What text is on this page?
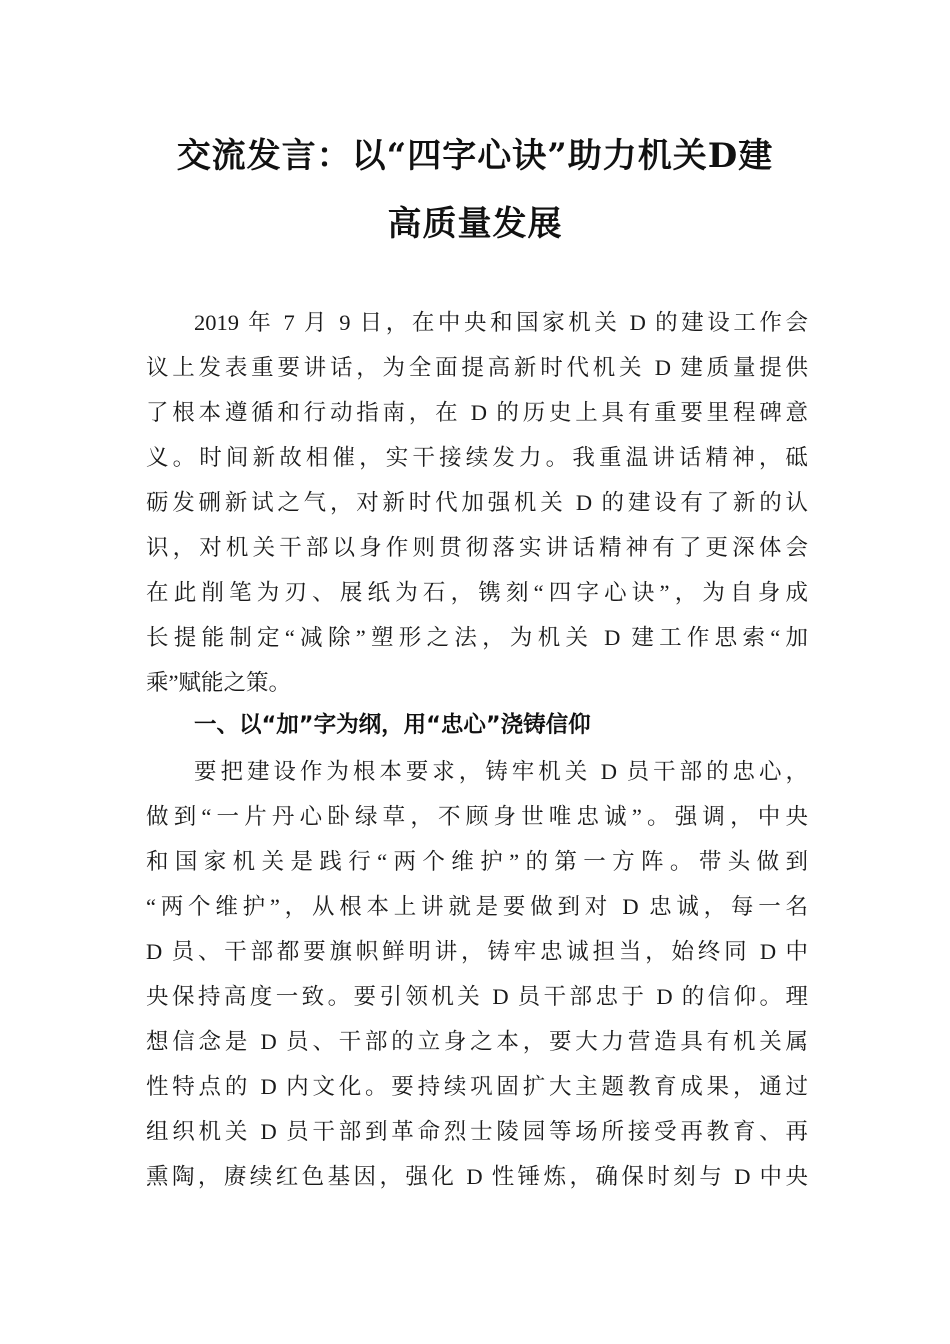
交流发言：以“四字心诀”助力机关D建
高质量发展
2019 年 7 月 9 日，在中央和国家机关 D 的建设工作会
议上发表重要讲话，为全面提高新时代机关 D 建质量提供
了根本遵循和行动指南，在 D 的历史上具有重要里程碑意
义。时间新故相催，实干接续发力。我重温讲话精神，砥
砺发硎新试之气，对新时代加强机关 D 的建设有了新的认
识，对机关干部以身作则贯彻落实讲话精神有了更深体会
在此削笔为刃、展纸为石，镌刻“四字心诀”，为自身成
长提能制定“减除”塑形之法，为机关 D 建工作思索“加
乘”赋能之策。
一、以“加”字为纲，用“忠心”浇铸信仰
要把建设作为根本要求，铸牢机关 D 员干部的忠心，
做到“一片丹心卧绿草，不顾身世唯忠诚”。强调，中央
和国家机关是践行“两个维护”的第一方阵。带头做到
“两个维护”，从根本上讲就是要做到对 D 忠诚，每一名
D 员、干部都要旗帜鲜明讲，铸牢忠诚担当，始终同 D 中
央保持高度一致。要引领机关 D 员干部忠于 D 的信仰。理
想信念是 D 员、干部的立身之本，要大力营造具有机关属
性特点的 D 内文化。要持续巩固扩大主题教育成果，通过
组织机关 D 员干部到革命烈士陵园等场所接受再教育、再
熏陶，赓续红色基因，强化 D 性锤炼，确保时刻与 D 中央
